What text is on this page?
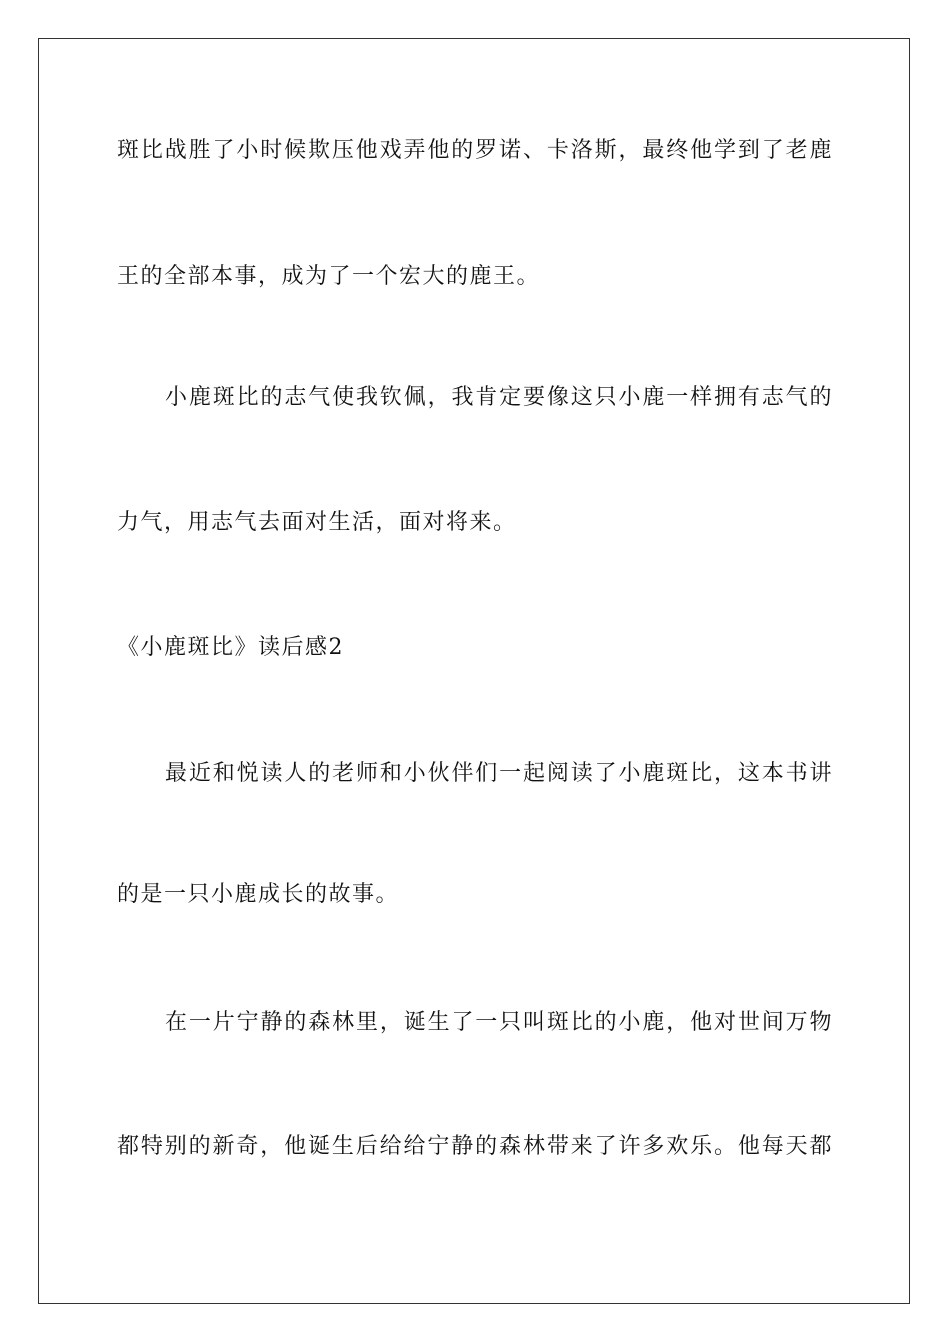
斑比战胜了小时候欺压他戏弄他的罗诺、卡洛斯，最终他学到了老鹿
王的全部本事，成为了一个宏大的鹿王。
小鹿斑比的志气使我钦佩，我肯定要像这只小鹿一样拥有志气的
力气，用志气去面对生活，面对将来。
《小鹿斑比》读后感2
最近和悦读人的老师和小伙伴们一起阅读了小鹿斑比，这本书讲
的是一只小鹿成长的故事。
在一片宁静的森林里，诞生了一只叫斑比的小鹿，他对世间万物
都特别的新奇，他诞生后给给宁静的森林带来了许多欢乐。他每天都
